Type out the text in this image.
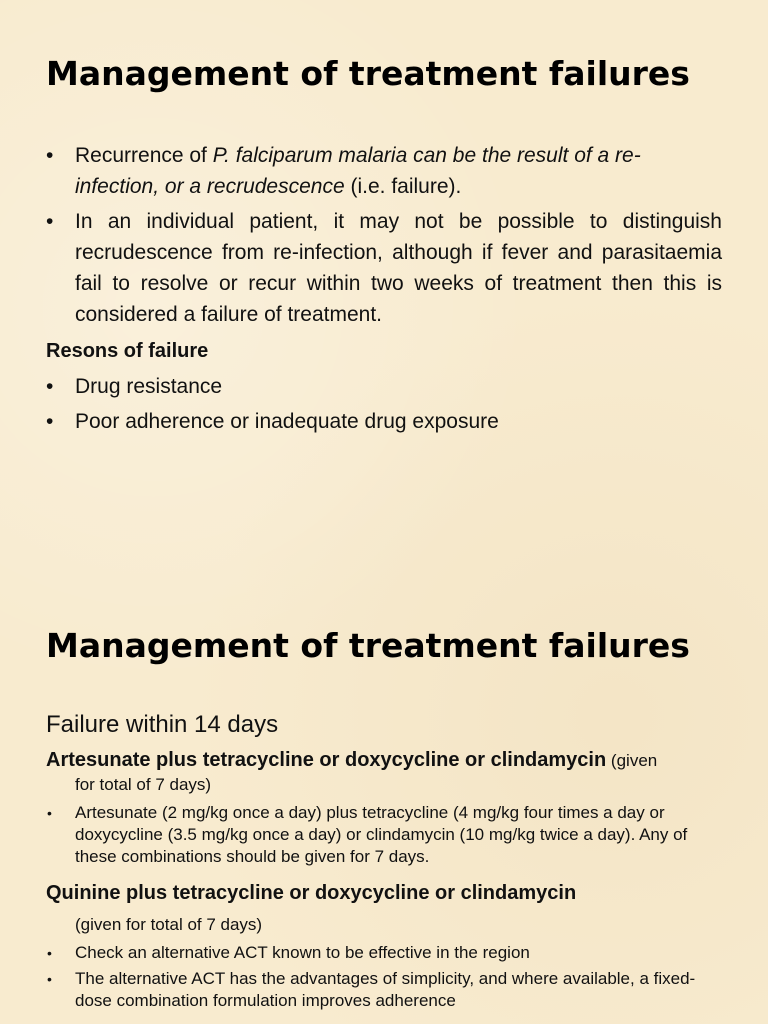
Management of treatment failures

• Recurrence of P. falciparum malaria can be the result of a re-infection, or a recrudescence (i.e. failure).

• In an individual patient, it may not be possible to distinguish recrudescence from re-infection, although if fever and parasitaemia fail to resolve or recur within two weeks of treatment then this is considered a failure of treatment.

Resons of failure

• Drug resistance

• Poor adherence or inadequate drug exposure

Management of treatment failures

Failure within 14 days

Artesunate plus tetracycline or doxycycline or clindamycin (given

for total of 7 days)

• Artesunate (2 mg/kg once a day) plus tetracycline (4 mg/kg four times a day or doxycycline (3.5 mg/kg once a day) or clindamycin (10 mg/kg twice a day). Any of these combinations should be given for 7 days.

Quinine plus tetracycline or doxycycline or clindamycin

(given for total of 7 days)

• Check an alternative ACT known to be effective in the region

• The alternative ACT has the advantages of simplicity, and where available, a fixed-dose combination formulation improves adherence
